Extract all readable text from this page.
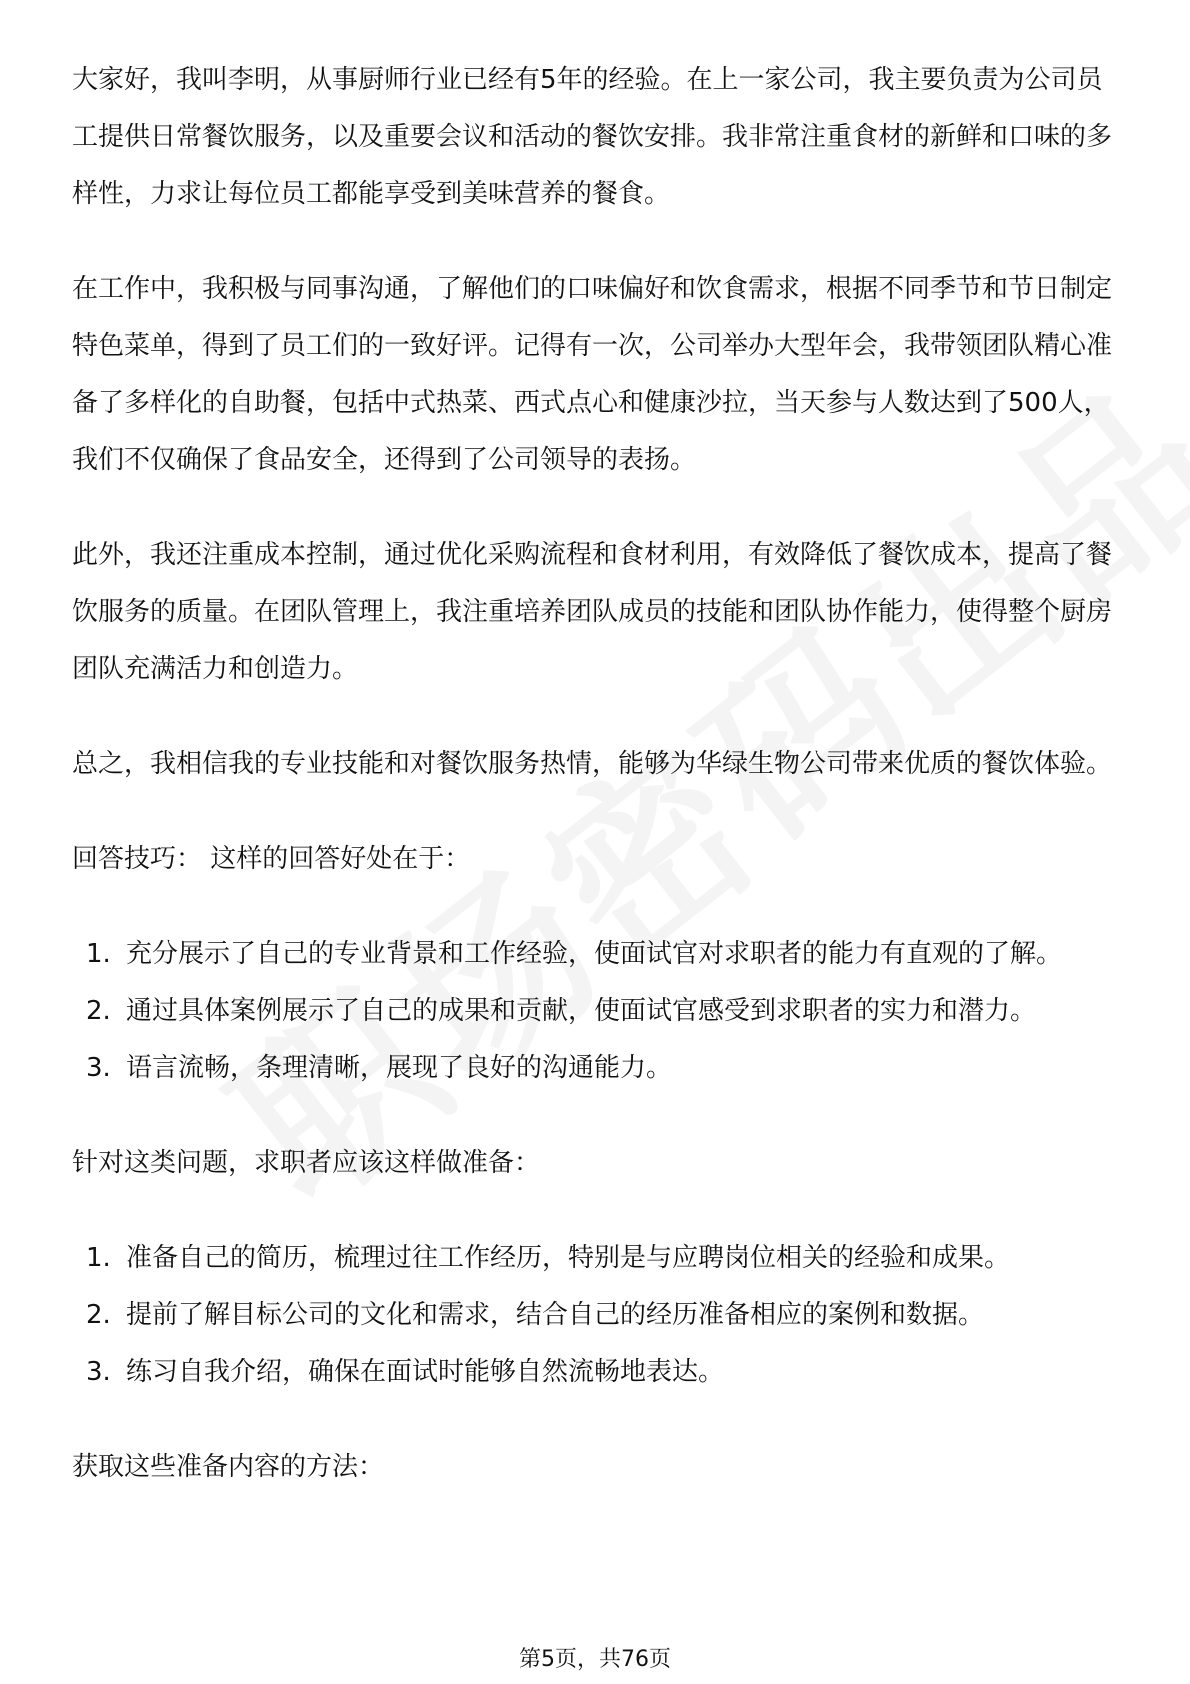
大家好，我叫李明，从事厨师行业已经有5年的经验。在上一家公司，我主要负责为公司员工提供日常餐饮服务，以及重要会议和活动的餐饮安排。我非常注重食材的新鲜和口味的多样性，力求让每位员工都能享受到美味营养的餐食。

在工作中，我积极与同事沟通，了解他们的口味偏好和饮食需求，根据不同季节和节日制定特色菜单，得到了员工们的一致好评。记得有一次，公司举办大型年会，我带领团队精心准备了多样化的自助餐，包括中式热菜、西式点心和健康沙拉，当天参与人数达到了500人，我们不仅确保了食品安全，还得到了公司领导的表扬。

此外，我还注重成本控制，通过优化采购流程和食材利用，有效降低了餐饮成本，提高了餐饮服务的质量。在团队管理上，我注重培养团队成员的技能和团队协作能力，使得整个厨房团队充满活力和创造力。

总之，我相信我的专业技能和对餐饮服务热情，能够为华绿生物公司带来优质的餐饮体验。

回答技巧： 这样的回答好处在于：

1. 充分展示了自己的专业背景和工作经验，使面试官对求职者的能力有直观的了解。
2. 通过具体案例展示了自己的成果和贡献，使面试官感受到求职者的实力和潜力。
3. 语言流畅，条理清晰，展现了良好的沟通能力。

针对这类问题，求职者应该这样做准备：

1. 准备自己的简历，梳理过往工作经历，特别是与应聘岗位相关的经验和成果。
2. 提前了解目标公司的文化和需求，结合自己的经历准备相应的案例和数据。
3. 练习自我介绍，确保在面试时能够自然流畅地表达。

获取这些准备内容的方法：

第5页，共76页
